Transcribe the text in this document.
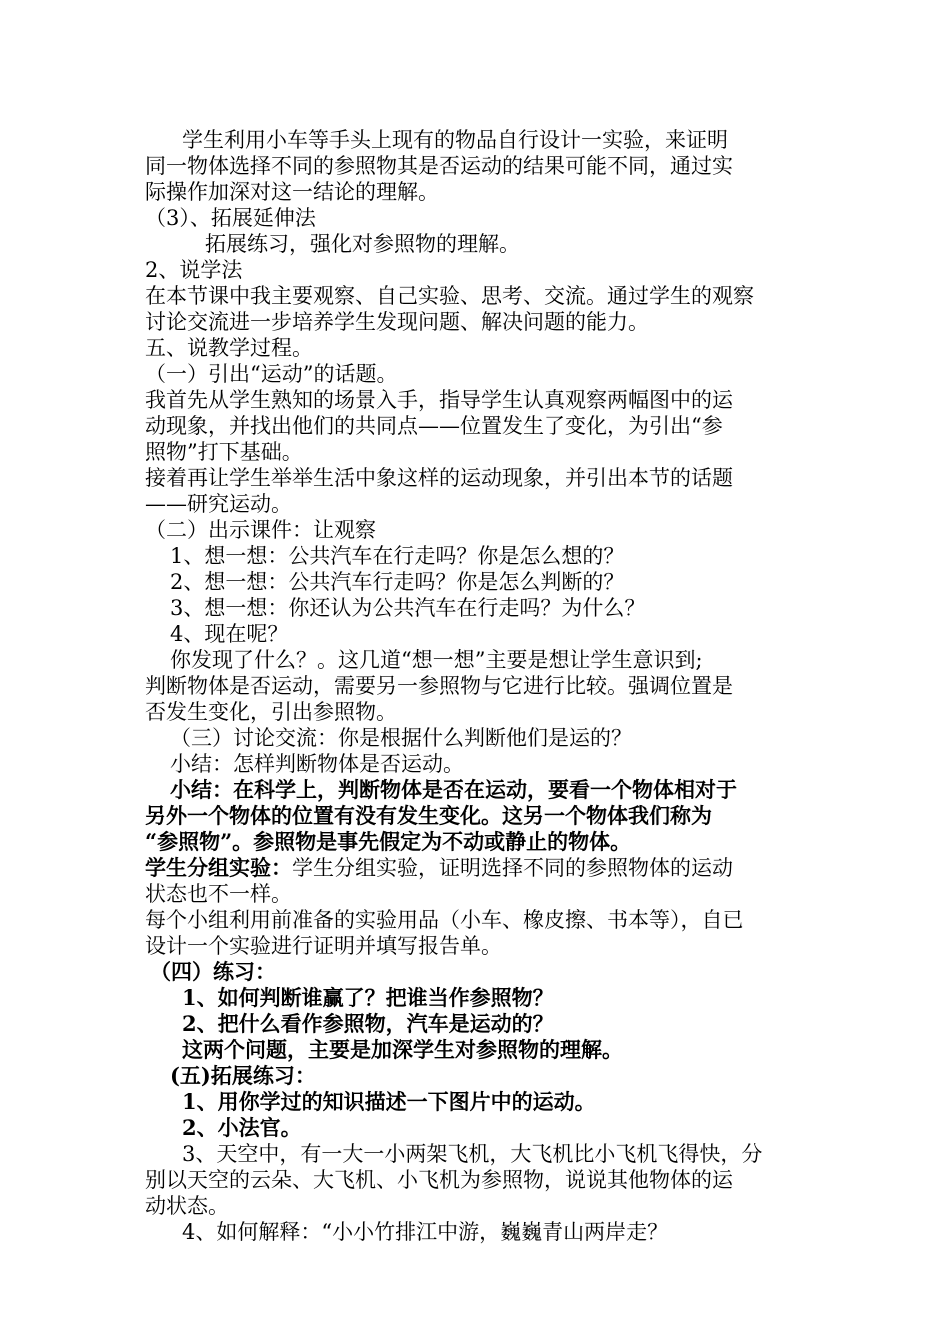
学生利用小车等手头上现有的物品自行设计一实验，来证明
同一物体选择不同的参照物其是否运动的结果可能不同，通过实
际操作加深对这一结论的理解。
（3）、拓展延伸法
拓展练习，强化对参照物的理解。
2、说学法
在本节课中我主要观察、自己实验、思考、交流。通过学生的观察
讨论交流进一步培养学生发现问题、解决问题的能力。
五、说教学过程。
（一）引出“运动”的话题。
我首先从学生熟知的场景入手，指导学生认真观察两幅图中的运
动现象，并找出他们的共同点——位置发生了变化，为引出“参
照物”打下基础。
接着再让学生举举生活中象这样的运动现象，并引出本节的话题
——研究运动。
（二）出示课件：让观察
1、想一想：公共汽车在行走吗？你是怎么想的？
2、想一想：公共汽车行走吗？你是怎么判断的？
3、想一想：你还认为公共汽车在行走吗？为什么？
4、现在呢？
你发现了什么？。这几道“想一想”主要是想让学生意识到;
判断物体是否运动，需要另一参照物与它进行比较。强调位置是
否发生变化，引出参照物。
（三）讨论交流：你是根据什么判断他们是运的？
小结：怎样判断物体是否运动。
小结：在科学上，判断物体是否在运动，要看一个物体相对于
另外一个物体的位置有没有发生变化。这另一个物体我们称为
“参照物”。参照物是事先假定为不动或静止的物体。
学生分组实验：学生分组实验，证明选择不同的参照物体的运动
状态也不一样。
每个小组利用前准备的实验用品（小车、橡皮擦、书本等），自已
设计一个实验进行证明并填写报告单。
（四）练习：
1、如何判断谁赢了？把谁当作参照物？
2、把什么看作参照物，汽车是运动的？
这两个问题，主要是加深学生对参照物的理解。
(五)拓展练习：
1、用你学过的知识描述一下图片中的运动。
2、小法官。
3、天空中，有一大一小两架飞机，大飞机比小飞机飞得快，分
别以天空的云朵、大飞机、小飞机为参照物，说说其他物体的运
动状态。
4、如何解释：“小小竹排江中游，巍巍青山两岸走？
